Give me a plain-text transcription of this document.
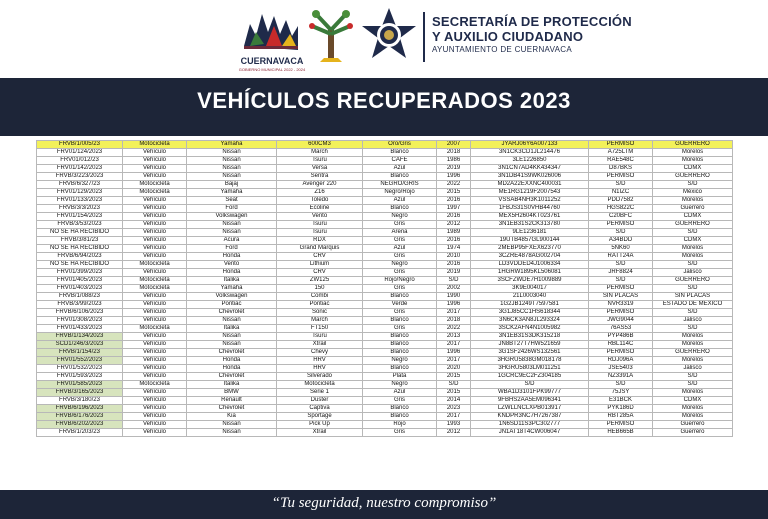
CUERNAVACA
GOBIERNO MUNICIPAL 2022 - 2024
SECRETARÍA DE PROTECCIÓN
Y AUXILIO CIUDADANO
AYUNTAMIENTO DE CUERNAVACA
VEHÍCULOS RECUPERADOS 2023
FRVB/1/005/23	Motocicleta	Yamaha	600CM3	Oro/Gris	2007	JYARJ06Y6A007133	PERMISO	GUERRERO
FRV01/124/2023	Vehículo	Nissan	March	Blanco	2018	3N1CK3CD1JL214476	A725LTM	Morelos
FRV01/012/23	Vehículo	Nissan	Tsuru	CAFÉ	1986	3LE1226850	RAE548C	Morelos
FRV01/142/2023	Vehículo	Nissan	Versa	Azul	2019	3N1CN7AD4KK434347	D87BKS	CDMX
FRVB/3/223/2023	Vehículo	Nissan	Sentra	Blanco	1996	3N1DB41S9WK026006	PERMISO	GUERRERO
FRVB/6/327/23	Motocicleta	Bajaj	Avenger 220	NEGRO/GRIS	2022	MD2A22EXXNC400031	S/D	S/D
FRV01/129/2023	Motocicleta	Yamaha	Z16	Negro/Rojo	2015	ME1RG1219F2007543	N1IZC	México
FRV01/133/2023	Vehículo	Seat	Toledo	Azul	2016	VSSAB4NH3K1011252	PDD7582	Morelos
FRVB/3/3/2023	Vehículo	Ford	Ecoline	Blanco	1997	1FBJS31S0VHB44760	HGS822C	Guerrero
FRV01/154/2023	Vehículo	Volkswagen	Vento	Negro	2016	MEX5H2604KT023761	C20BFC	CDMX
FRVB/3/53/2023	Vehículo	Nissan	Tsuru	Gris	2012	3N1EB31S2CK313780	PERMISO	GUERRERO
NO SE HA RECIBIDO	Vehículo	Nissan	Tsuru	Arena	1989	9LE1236181	S/D	S/D
FRVB/3/81/23	Vehículo	Acura	RDX	Gris	2016	19UTB4857GL900144	A34BDD	CDMX
NO SE HA RECIBIDO	Vehículo	Ford	Grand Marquis	Azul	1974	2MEBP95FXEX623770	5NK60	Morelos
FRVB/6/94/2023	Vehículo	Honda	CRV	Gris	2010	3CZRE4878AG002704	RATT24A	Morelos
NO SE HA RECIBIDO	Motocicleta	Vento	Lithium	Negro	2016	LD3VDDED4J1006334	S/D	S/D
FRV01/399/2023	Vehículo	Honda	CRV	Gris	2019	1HGRW1895KL506081	JRF8824	Jalisco
FRV01/405/2023	Motocicleta	Italika	ZW125	Rojo/Negro	S/D	3SCFZWDE7H1009889	S/D	GUERRERO
FRV01/403/2023	Motocicleta	Yamaha	150	Gris	2002	3K9E004017	PERMISO	S/D
FRVB/1/088/23	Vehículo	Volkswagen	Combi	Blanco	1990	21L0003040	SIN PLACAS	SIN PLACAS
FRVB/3/99/2023	Vehículo	Pontiac	Pontiac	Verde	1996	1G2JB1249T7597581	NVR3319	ESTADO DE MEXICO
FRVB/6/106/2023	Vehículo	Chevrolet	Sonic	Gris	2017	3G1J85CC1HS618344	PERMISO	S/D
FRV01/308/2023	Vehículo	Nissan	March	Blanco	2018	3N6CK3AN8JL293324	JWG9044	Jalisco
FRV01/433/2023	Motocicleta	Italika	FT150	Gris	2022	3SCK2AFN4N1005982	76AS53	S/D
FRVB/1/134/2023	Vehículo	Nissan	Tsuru	Blanco	2013	3N1EB31S3DK315218	PYP486B	Morelos
SCD1/246/3/2023	Vehículo	Nissan	Xtrail	Blanco	2017	JN8BT27T7HW521659	RBL114C	Morelos
FRVB/1/154/23	Vehículo	Chevrolet	Chevy	Blanco	1996	3G1SF2426WS132561	PERMISO	GUERRERO
FRV01/552/2023	Vehículo	Honda	HRV	Negro	2017	3HGRU5838GM018178	RDJ096A	Morelos
FRV01/532/2023	Vehículo	Honda	HRV	Blanco	2020	3HGRU5803LM011251	JSE5403	Jalisco
FRV01/593/2023	Vehículo	Chevrolet	Silverado	Plata	2015	1GCRC9EC2FZ304185	NZ3391A	S/D
FRV01/585/2023	Motocicleta	Italika	Motocicleta	Negro	S/D	S/D	S/D	S/D
FRVB/3/165/2023	Vehículo	BMW	Serie 1	Azul	2015	WBA1D3101FPK99777	75JSY	Morelos
FRVB/3/180/23	Vehículo	Renault	Duster	Gris	2014	9FBHS2AA5EM096341	E31BCK	CDMX
FRVB/6/196/2023	Vehículo	Chevrolet	Captiva	Blanco	2023	LZWLLNCLXPB013917	PYK186D	Morelos
FRVB/6/176/2023	Vehículo	Kia	Sportage	Blanco	2017	KNDPR3NC7H7267387	RBT285A	Morelos
FRVB/6/202/2023	Vehículo	Nissan	Pick Up	Rojo	1993	1N6SD11S3PC302777	PERMISO	Guerrero
FRVB/1/203/23	Vehículo	Nissan	Xtrail	Gris	2012	JN1AT18T4CW006047	HEB665B	Guerrero
“Tu seguridad, nuestro compromiso”
